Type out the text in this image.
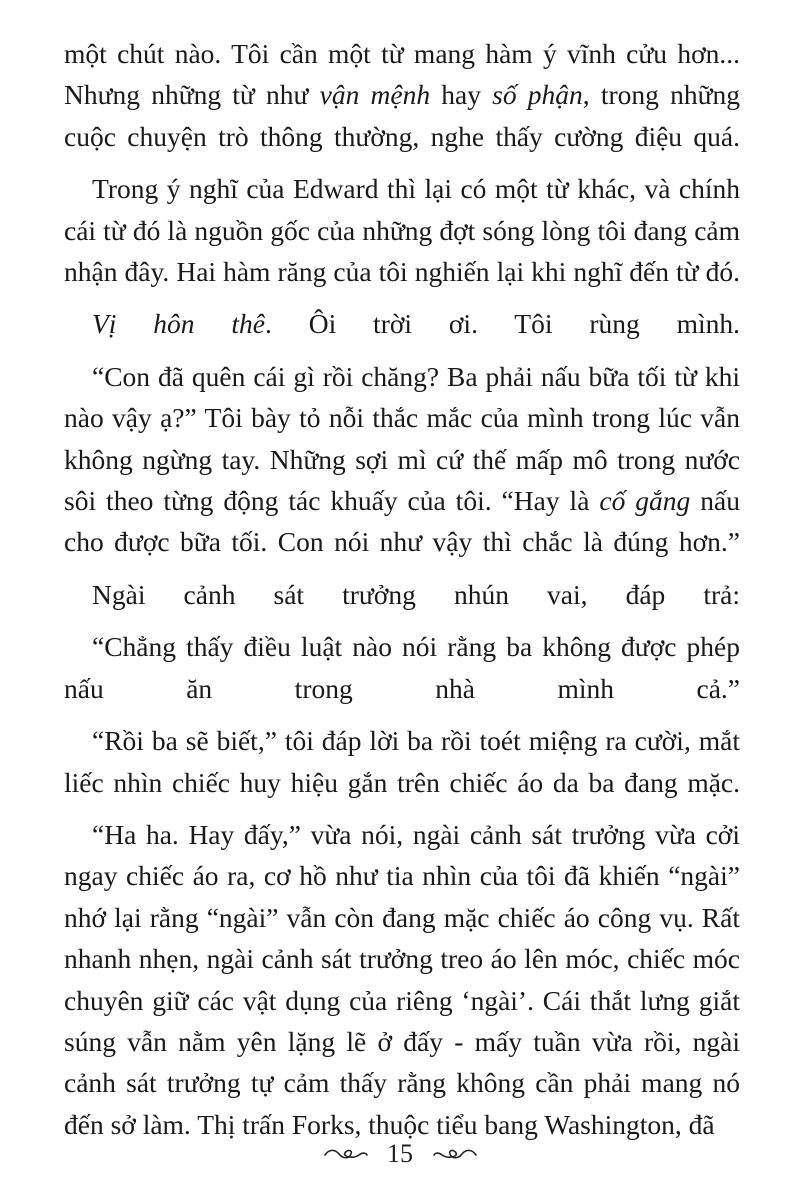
một chút nào. Tôi cần một từ mang hàm ý vĩnh cửu hơn... Nhưng những từ như vận mệnh hay số phận, trong những cuộc chuyện trò thông thường, nghe thấy cường điệu quá.

Trong ý nghĩ của Edward thì lại có một từ khác, và chính cái từ đó là nguồn gốc của những đợt sóng lòng tôi đang cảm nhận đây. Hai hàm răng của tôi nghiến lại khi nghĩ đến từ đó.

Vị hôn thê. Ôi trời ơi. Tôi rùng mình.

“Con đã quên cái gì rồi chăng? Ba phải nấu bữa tối từ khi nào vậy ạ?” Tôi bày tỏ nỗi thắc mắc của mình trong lúc vẫn không ngừng tay. Những sợi mì cứ thế mấp mô trong nước sôi theo từng động tác khuấy của tôi. “Hay là cố gắng nấu cho được bữa tối. Con nói như vậy thì chắc là đúng hơn.”

Ngài cảnh sát trưởng nhún vai, đáp trả:

“Chẳng thấy điều luật nào nói rằng ba không được phép nấu ăn trong nhà mình cả.”

“Rồi ba sẽ biết,” tôi đáp lời ba rồi toét miệng ra cười, mắt liếc nhìn chiếc huy hiệu gắn trên chiếc áo da ba đang mặc.

“Ha ha. Hay đấy,” vừa nói, ngài cảnh sát trưởng vừa cởi ngay chiếc áo ra, cơ hồ như tia nhìn của tôi đã khiến “ngài” nhớ lại rằng “ngài” vẫn còn đang mặc chiếc áo công vụ. Rất nhanh nhẹn, ngài cảnh sát trưởng treo áo lên móc, chiếc móc chuyên giữ các vật dụng của riêng ‘ngài’. Cái thắt lưng giắt súng vẫn nằm yên lặng lẽ ở đấy - mấy tuần vừa rồi, ngài cảnh sát trưởng tự cảm thấy rằng không cần phải mang nó đến sở làm. Thị trấn Forks, thuộc tiểu bang Washington, đã

15
